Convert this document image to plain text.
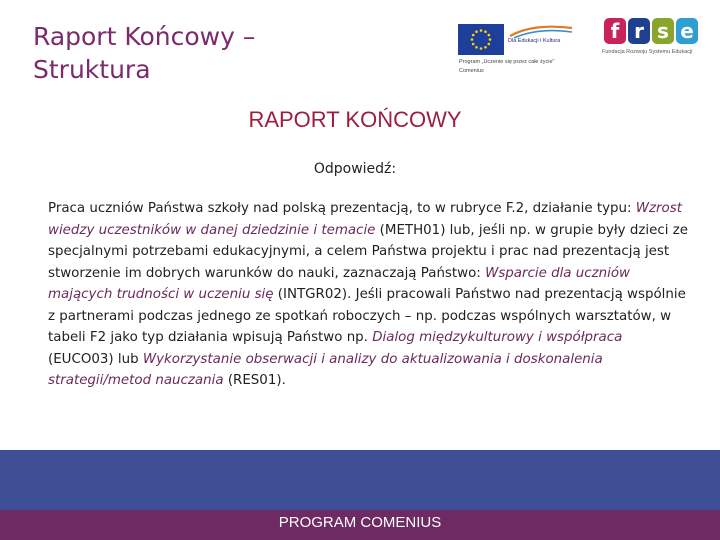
Raport Końcowy –
Struktura
Dla Edukacji i Kultura
Program „Uczenie się przez całe życie”
Comenius
f r s e
Fundacja Rozwoju Systemu Edukacji
RAPORT KOŃCOWY
Odpowiedź:

Praca uczniów Państwa szkoły nad polską prezentacją, to w rubryce F.2, działanie typu: Wzrost wiedzy uczestników w danej dziedzinie i temacie (METH01) lub, jeśli np. w grupie były dzieci ze specjalnymi potrzebami edukacyjnymi, a celem Państwa projektu i prac nad prezentacją jest stworzenie im dobrych warunków do nauki, zaznaczają Państwo: Wsparcie dla uczniów mających trudności w uczeniu się (INTGR02). Jeśli pracowali Państwo nad prezentacją wspólnie z partnerami podczas jednego ze spotkań roboczych – np. podczas wspólnych warsztatów, w tabeli F2 jako typ działania wpisują Państwo np. Dialog międzykulturowy i współpraca (EUCO03) lub Wykorzystanie obserwacji i analizy do aktualizowania i doskonalenia strategii/metod nauczania (RES01).

PROGRAM COMENIUS
